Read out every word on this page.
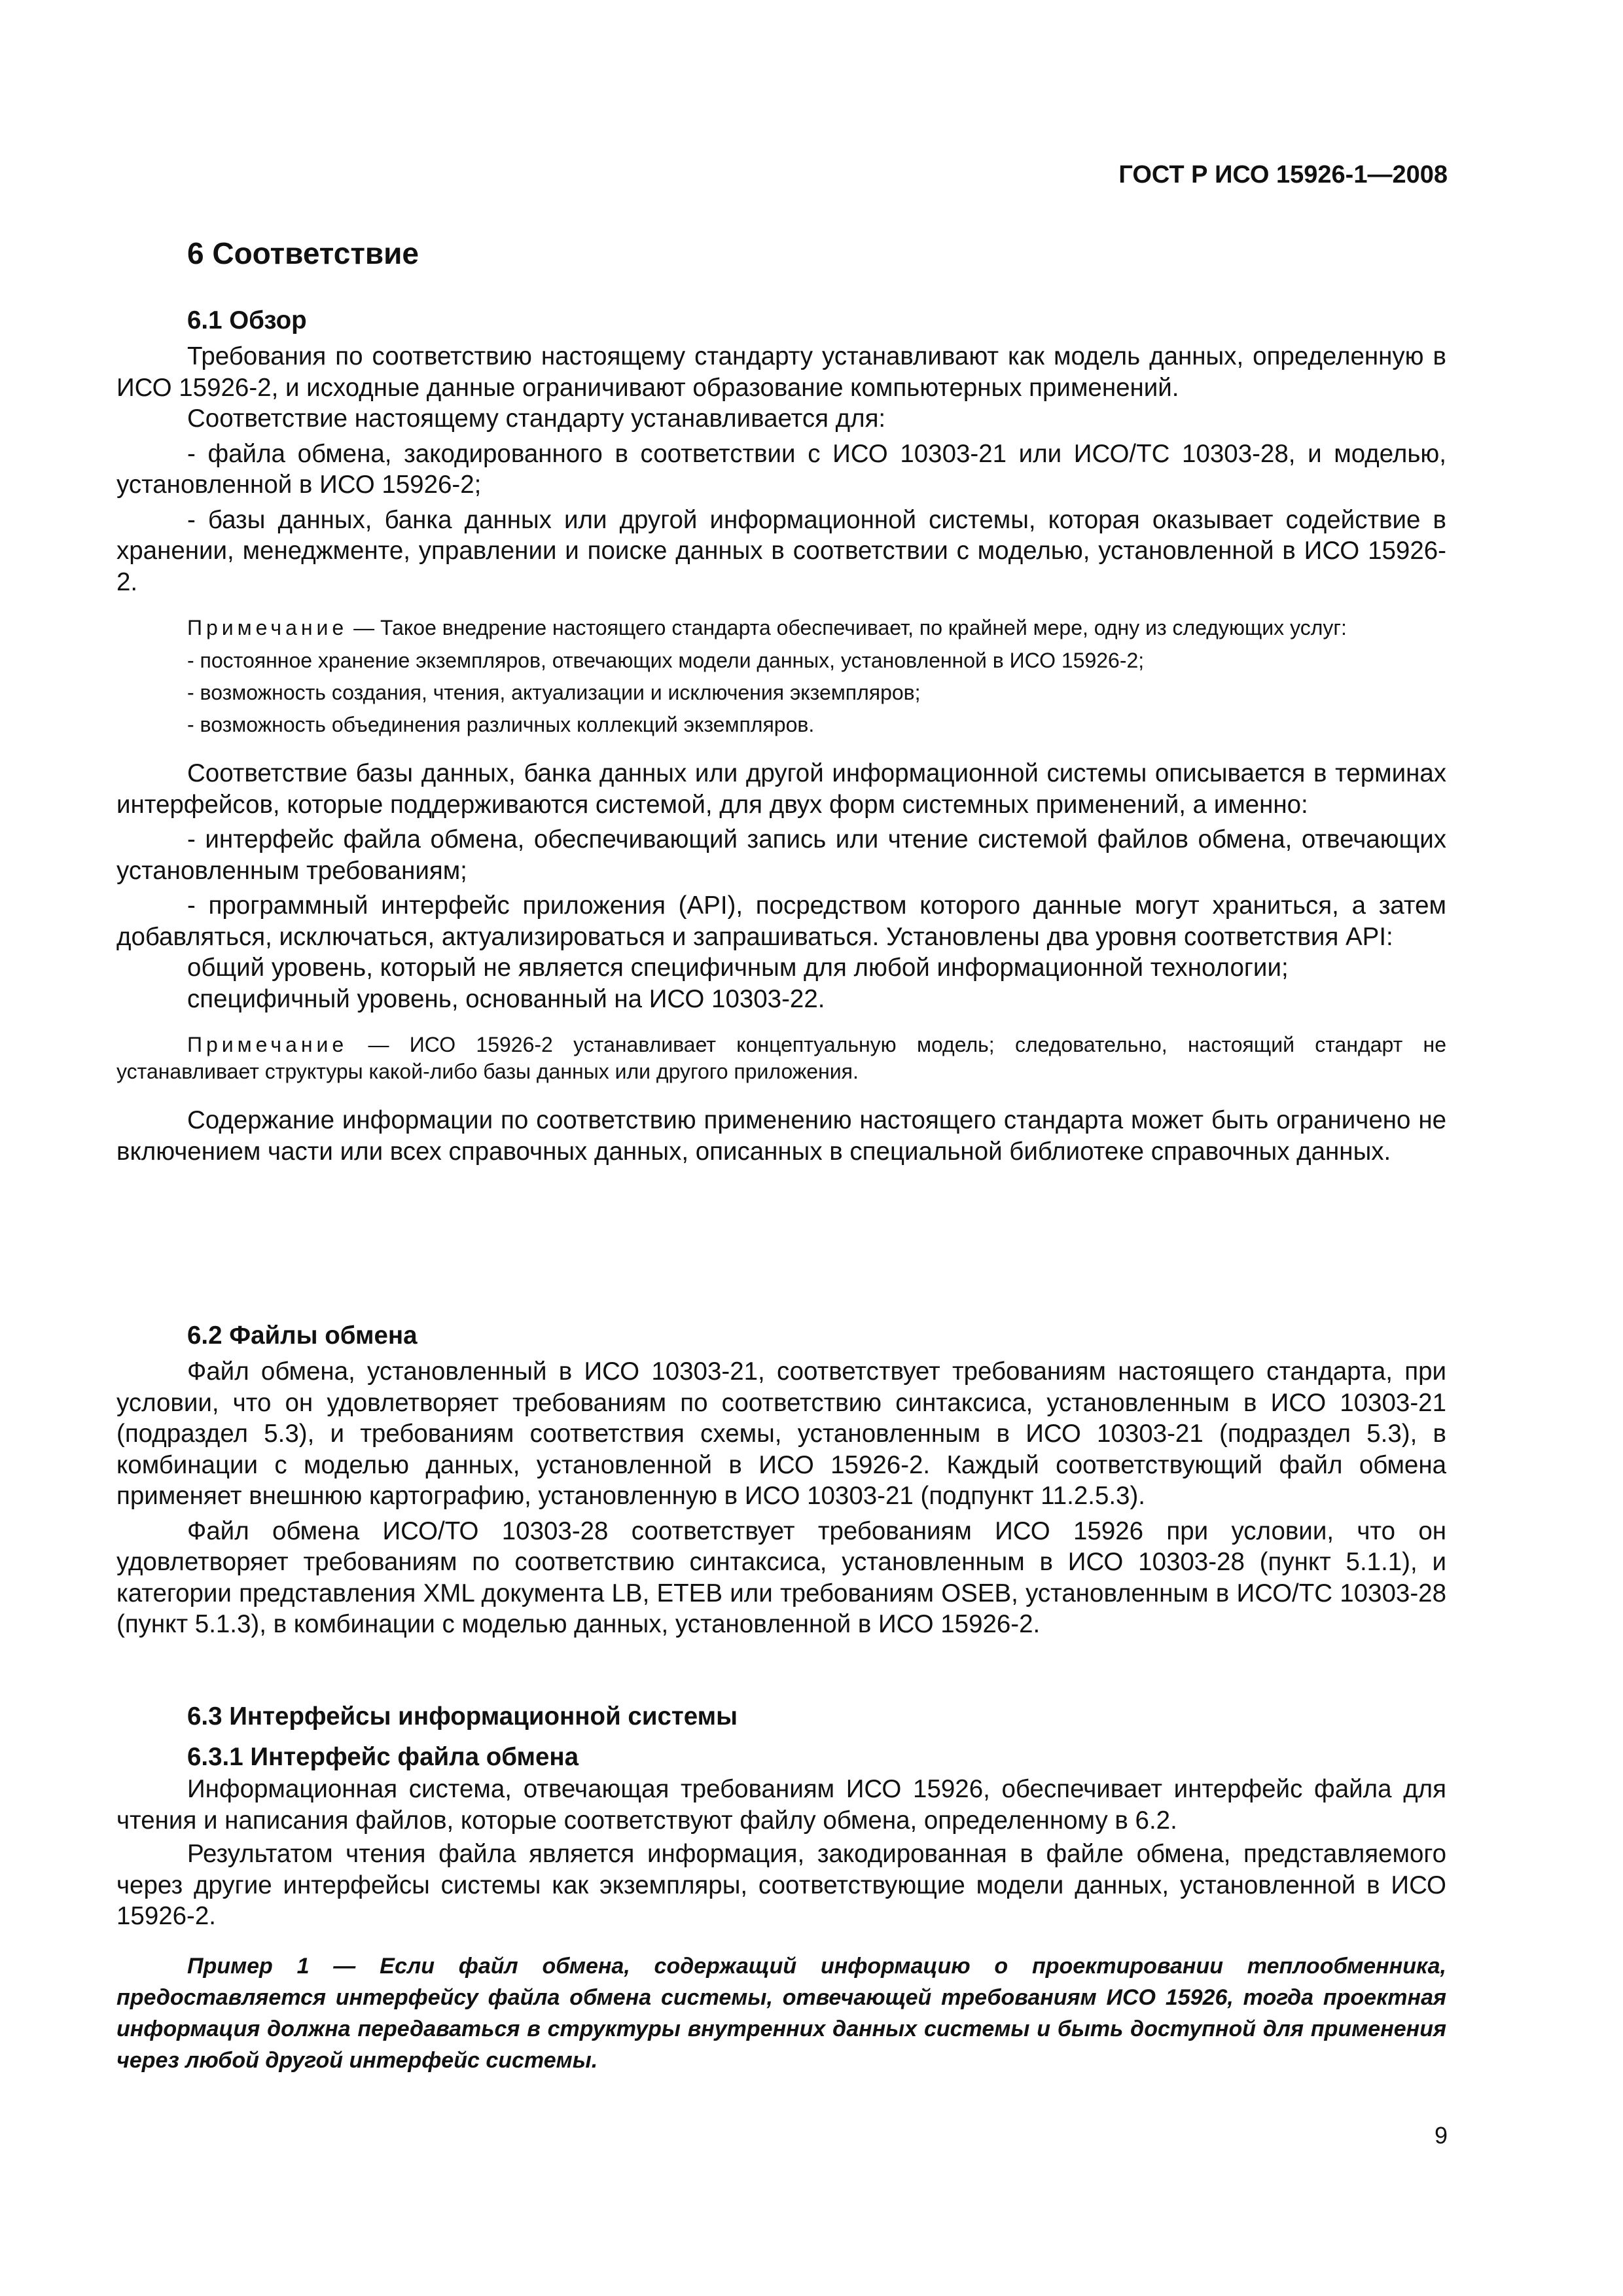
ГОСТ Р ИСО 15926-1—2008
6 Соответствие

6.1 Обзор

Требования по соответствию настоящему стандарту устанавливают как модель данных, определенную в ИСО 15926-2, и исходные данные ограничивают образование компьютерных применений.

Соответствие настоящему стандарту устанавливается для:

- файла обмена, закодированного в соответствии с ИСО 10303-21 или ИСО/ТС 10303-28, и моделью, установленной в ИСО 15926-2;

- базы данных, банка данных или другой информационной системы, которая оказывает содействие в хранении, менеджменте, управлении и поиске данных в соответствии с моделью, установленной в ИСО 15926-2.

Примечание — Такое внедрение настоящего стандарта обеспечивает, по крайней мере, одну из следующих услуг:

- постоянное хранение экземпляров, отвечающих модели данных, установленной в ИСО 15926-2;

- возможность создания, чтения, актуализации и исключения экземпляров;

- возможность объединения различных коллекций экземпляров.

Соответствие базы данных, банка данных или другой информационной системы описывается в терминах интерфейсов, которые поддерживаются системой, для двух форм системных применений, а именно:

- интерфейс файла обмена, обеспечивающий запись или чтение системой файлов обмена, отвечающих установленным требованиям;

- программный интерфейс приложения (API), посредством которого данные могут храниться, а затем добавляться, исключаться, актуализироваться и запрашиваться. Установлены два уровня соответствия API:

общий уровень, который не является специфичным для любой информационной технологии;

специфичный уровень, основанный на ИСО 10303-22.

Примечание — ИСО 15926-2 устанавливает концептуальную модель; следовательно, настоящий стандарт не устанавливает структуры какой-либо базы данных или другого приложения.

Содержание информации по соответствию применению настоящего стандарта может быть ограничено не включением части или всех справочных данных, описанных в специальной библиотеке справочных данных.

6.2 Файлы обмена

Файл обмена, установленный в ИСО 10303-21, соответствует требованиям настоящего стандарта, при условии, что он удовлетворяет требованиям по соответствию синтаксиса, установленным в ИСО 10303-21 (подраздел 5.3), и требованиям соответствия схемы, установленным в ИСО 10303-21 (подраздел 5.3), в комбинации с моделью данных, установленной в ИСО 15926-2. Каждый соответствующий файл обмена применяет внешнюю картографию, установленную в ИСО 10303-21 (подпункт 11.2.5.3).

Файл обмена ИСО/ТО 10303-28 соответствует требованиям ИСО 15926 при условии, что он удовлетворяет требованиям по соответствию синтаксиса, установленным в ИСО 10303-28 (пункт 5.1.1), и категории представления XML документа LB, ETEB или требованиям OSEB, установленным в ИСО/ТС 10303-28 (пункт 5.1.3), в комбинации с моделью данных, установленной в ИСО 15926-2.

6.3 Интерфейсы информационной системы

6.3.1 Интерфейс файла обмена

Информационная система, отвечающая требованиям ИСО 15926, обеспечивает интерфейс файла для чтения и написания файлов, которые соответствуют файлу обмена, определенному в 6.2.

Результатом чтения файла является информация, закодированная в файле обмена, представляемого через другие интерфейсы системы как экземпляры, соответствующие модели данных, установленной в ИСО 15926-2.

Пример 1 — Если файл обмена, содержащий информацию о проектировании теплообменника, предоставляется интерфейсу файла обмена системы, отвечающей требованиям ИСО 15926, тогда проектная информация должна передаваться в структуры внутренних данных системы и быть доступной для применения через любой другой интерфейс системы.

9
